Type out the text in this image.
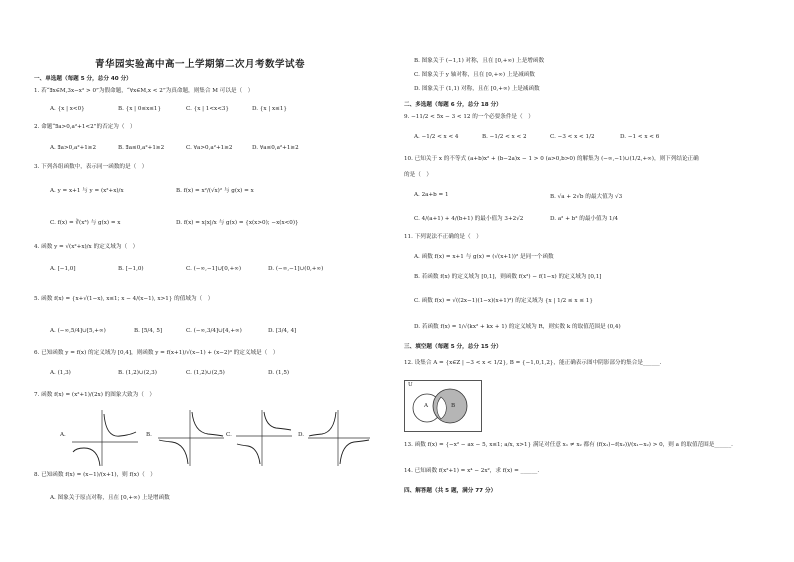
青华园实验高中高一上学期第二次月考数学试卷
一、单选题（每题 5 分，总分 40 分）
1. 若“∃x∈M,3x−x² > 0”为假命题，“∀x∈M,x < 2”为真命题，则集合 M 可以是（　）
A. {x | x<0}	B. {x | 0≤x≤1}	C. {x | 1<x<3}	D. {x | x≤1}
2. 命题“∃a>0,a²+1<2”的否定为（　）
A. ∃a>0,a²+1≥2	B. ∃a≤0,a²+1≥2	C. ∀a>0,a²+1≥2	D. ∀a≤0,a²+1≥2
3. 下列各组函数中，表示同一函数的是（　）
A. y = x+1 与 y = (x²+x)/x	B. f(x) = x²/(√x)² 与 g(x) = x
C. f(x) = ∛(x³) 与 g(x) = x	D. f(x) = x|x|/x 与 g(x) = {x(x>0); −x(x<0)}
4. 函数 y = √(x²+x)/x 的定义域为（　）
A. [−1,0]	B. [−1,0)	C. (−∞,−1]∪[0,+∞)	D. (−∞,−1]∪(0,+∞)
5. 函数 f(x) = {x+√(1−x), x≤1; x − 4/(x−1), x>1} 的值域为（　）
A. (−∞,5/4]∪[5,+∞)	B. [5/4, 5]	C. (−∞,3/4]∪[4,+∞)	D. [3/4, 4]
6. 已知函数 y = f(x) 的定义域为 [0,4]，则函数 y = f(x+1)/√(x−1) + (x−2)⁰ 的定义域是（　）
A. (1,3)	B. (1,2)∪(2,3)	C. (1,2)∪(2,5)	D. (1,5)
7. 函数 f(x) = (x²+1)/(2x) 的图象大致为（　）
A.	B.	C.	D.
8. 已知函数 f(x) = (x−1)/(x+1)，则 f(x)（　）
A. 图象关于原点对称，且在 [0,+∞) 上是增函数
B. 图象关于 (−1,1) 对称，且在 [0,+∞) 上是增函数
C. 图象关于 y 轴对称，且在 [0,+∞) 上是减函数
D. 图象关于 (1,1) 对称，且在 [0,+∞) 上是减函数
二、多选题（每题 6 分，总分 18 分）
9. −11/2 < 5x − 3 < 12 的一个必要条件是（　）
A. −1/2 < x < 4	B. −1/2 < x < 2	C. −3 < x < 1/2	D. −1 < x < 6
10. 已知关于 x 的不等式 (a+b)x² + (b−2a)x − 1 > 0 (a>0,b>0) 的解集为 (−∞,−1)∪(1/2,+∞)，则下列结论正确
的是（　）
A. 2a+b = 1	B. √a + 2√b 的最大值为 √3
C. 4/(a+1) + 4/(b+1) 的最小值为 3+2√2	D. a² + b² 的最小值为 1/4
11. 下列说法不正确的是（　）
A. 函数 f(x) = x+1 与 g(x) = (√(x+1))² 是同一个函数
B. 若函数 f(x) 的定义域为 [0,1]，则函数 f(x²) − f(1−x) 的定义域为 [0,1]
C. 函数 f(x) = √((2x−1)(1−x)(x+1)²) 的定义域为 {x | 1/2 ≤ x ≤ 1}
D. 若函数 f(x) = 1/√(kx² + kx + 1) 的定义域为 R，则实数 k 的取值范围是 (0,4)
三、填空题（每题 5 分，总分 15 分）
12. 设集合 A = {x∈Z | −3 < x < 1/2}, B = {−1,0,1,2}，能正确表示图中阴影部分的集合是______.
U
A	B
13. 函数 f(x) = {−x² − ax − 5, x≤1; a/x, x>1} 满足对任意 x₁ ≠ x₂ 都有 (f(x₁)−f(x₂))/(x₁−x₂) > 0，则 a 的取值范围是______.
14. 已知函数 f(x²+1) = x⁴ − 2x²，求 f(x) = ______.
四、解答题（共 5 题，满分 77 分）
